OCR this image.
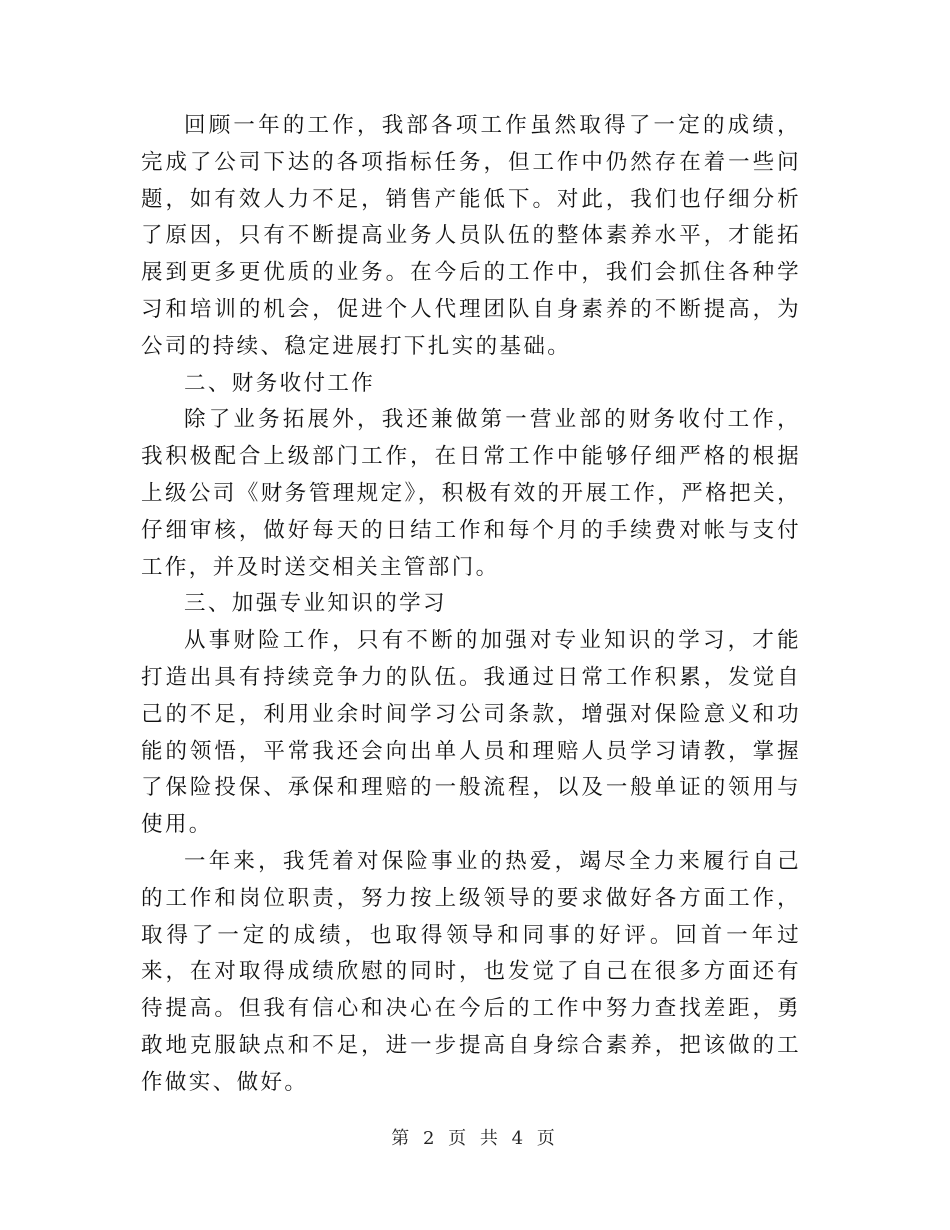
回顾一年的工作，我部各项工作虽然取得了一定的成绩，完成了公司下达的各项指标任务，但工作中仍然存在着一些问题，如有效人力不足，销售产能低下。对此，我们也仔细分析了原因，只有不断提高业务人员队伍的整体素养水平，才能拓展到更多更优质的业务。在今后的工作中，我们会抓住各种学习和培训的机会，促进个人代理团队自身素养的不断提高，为公司的持续、稳定进展打下扎实的基础。

二、财务收付工作

除了业务拓展外，我还兼做第一营业部的财务收付工作，我积极配合上级部门工作，在日常工作中能够仔细严格的根据上级公司《财务管理规定》，积极有效的开展工作，严格把关，仔细审核，做好每天的日结工作和每个月的手续费对帐与支付工作，并及时送交相关主管部门。

三、加强专业知识的学习

从事财险工作，只有不断的加强对专业知识的学习，才能打造出具有持续竞争力的队伍。我通过日常工作积累，发觉自己的不足，利用业余时间学习公司条款，增强对保险意义和功能的领悟，平常我还会向出单人员和理赔人员学习请教，掌握了保险投保、承保和理赔的一般流程，以及一般单证的领用与使用。

一年来，我凭着对保险事业的热爱，竭尽全力来履行自己的工作和岗位职责，努力按上级领导的要求做好各方面工作，取得了一定的成绩，也取得领导和同事的好评。回首一年过来，在对取得成绩欣慰的同时，也发觉了自己在很多方面还有待提高。但我有信心和决心在今后的工作中努力查找差距，勇敢地克服缺点和不足，进一步提高自身综合素养，把该做的工作做实、做好。

第 2 页 共 4 页
